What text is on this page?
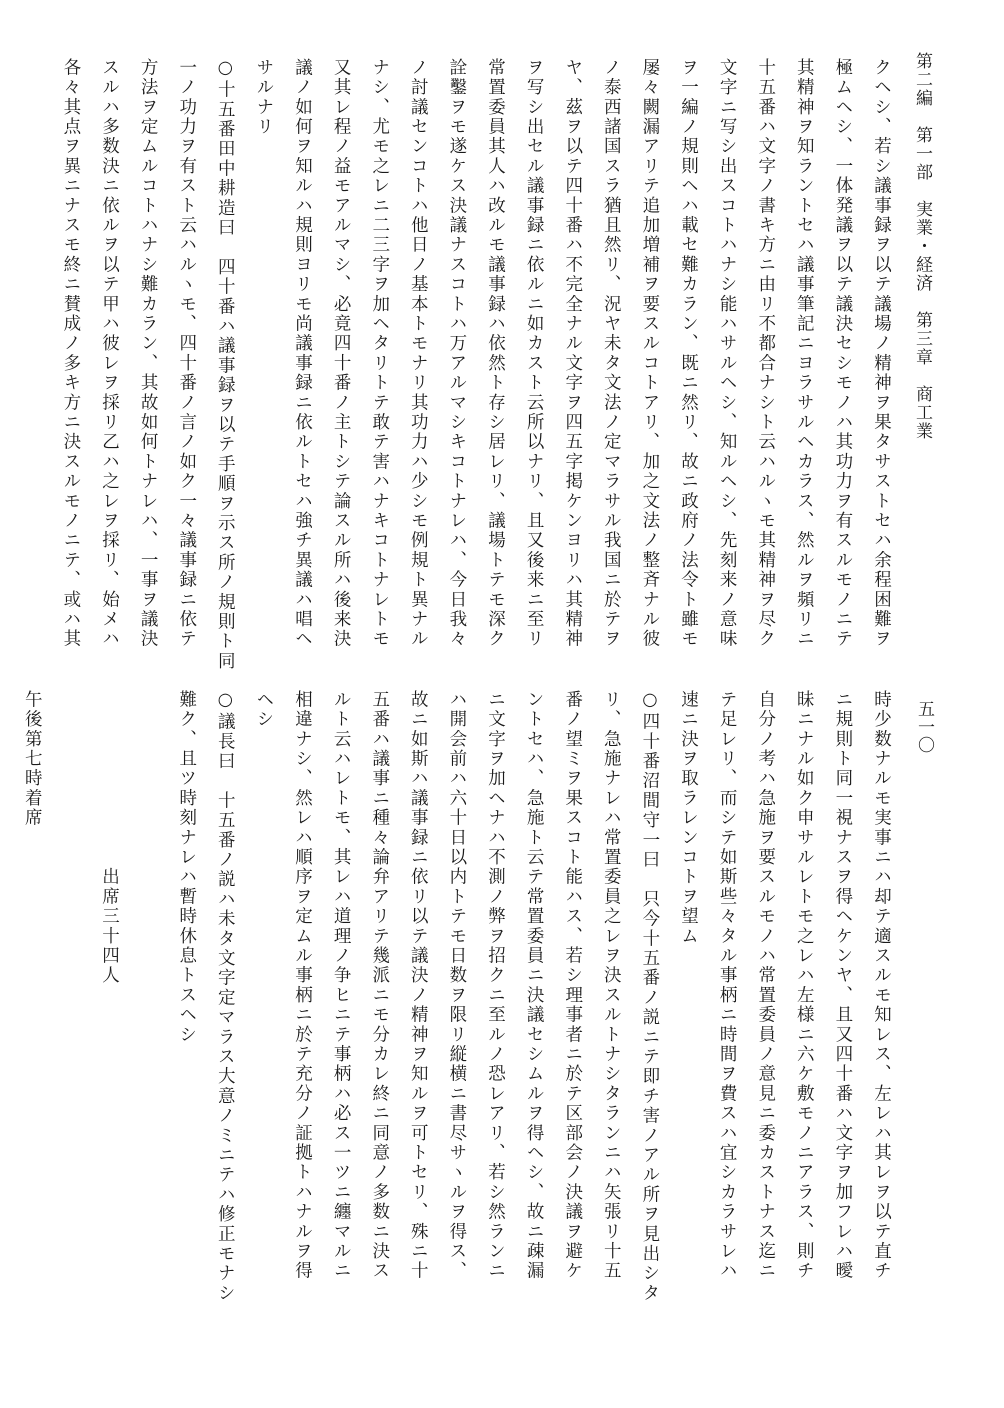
第二編　第一部　実業・経済　第三章　商工業
五一〇
クヘシ、若シ議事録ヲ以テ議場ノ精神ヲ果タサストセハ余程困難ヲ
極ムヘシ、一体発議ヲ以テ議決セシモノハ其功力ヲ有スルモノニテ
其精神ヲ知ラントセハ議事筆記ニヨラサルヘカラス、然ルヲ頻リニ
十五番ハ文字ノ書キ方ニ由リ不都合ナシト云ハルヽモ其精神ヲ尽ク
文字ニ写シ出スコトハナシ能ハサルヘシ、知ルヘシ、先刻来ノ意味
ヲ一編ノ規則ヘハ載セ難カラン、既ニ然リ、故ニ政府ノ法令ト雖モ
屡々闕漏アリテ追加増補ヲ要スルコトアリ、加之文法ノ整斉ナル彼
ノ泰西諸国スラ猶且然リ、況ヤ未タ文法ノ定マラサル我国ニ於テヲ
ヤ、茲ヲ以テ四十番ハ不完全ナル文字ヲ四五字掲ケンヨリハ其精神
ヲ写シ出セル議事録ニ依ルニ如カスト云所以ナリ、且又後来ニ至リ
常置委員其人ハ改ルモ議事録ハ依然ト存シ居レリ、議場トテモ深ク
詮鑿ヲモ遂ケス決議ナスコトハ万アルマシキコトナレハ、今日我々
ノ討議センコトハ他日ノ基本トモナリ其功力ハ少シモ例規ト異ナル
ナシ、尤モ之レニ二三字ヲ加ヘタリトテ敢テ害ハナキコトナレトモ
又其レ程ノ益モアルマシ、必竟四十番ノ主トシテ論スル所ハ後来決
議ノ如何ヲ知ルハ規則ヨリモ尚議事録ニ依ルトセハ強チ異議ハ唱ヘ
サルナリ
○十五番田中耕造曰　四十番ハ議事録ヲ以テ手順ヲ示ス所ノ規則ト同
一ノ功力ヲ有スト云ハルヽモ、四十番ノ言ノ如ク一々議事録ニ依テ
方法ヲ定ムルコトハナシ難カラン、其故如何トナレハ、一事ヲ議決
スルハ多数決ニ依ルヲ以テ甲ハ彼レヲ採リ乙ハ之レヲ採リ、始メハ
各々其点ヲ異ニナスモ終ニ賛成ノ多キ方ニ決スルモノニテ、或ハ其
時少数ナルモ実事ニハ却テ適スルモ知レス、左レハ其レヲ以テ直チ
ニ規則ト同一視ナスヲ得ヘケンヤ、且又四十番ハ文字ヲ加フレハ曖
昧ニナル如ク申サルレトモ之レハ左様ニ六ケ敷モノニアラス、則チ
自分ノ考ハ急施ヲ要スルモノハ常置委員ノ意見ニ委カストナス迄ニ
テ足レリ、而シテ如斯些々タル事柄ニ時間ヲ費スハ宜シカラサレハ
速ニ決ヲ取ラレンコトヲ望ム
○四十番沼間守一曰　只今十五番ノ説ニテ即チ害ノアル所ヲ見出シタ
リ、急施ナレハ常置委員之レヲ決スルトナシタランニハ矢張リ十五
番ノ望ミヲ果スコト能ハス、若シ理事者ニ於テ区部会ノ決議ヲ避ケ
ントセハ、急施ト云テ常置委員ニ決議セシムルヲ得ヘシ、故ニ疎漏
ニ文字ヲ加ヘナハ不測ノ弊ヲ招クニ至ルノ恐レアリ、若シ然ランニ
ハ開会前ハ六十日以内トテモ日数ヲ限リ縦横ニ書尽サヽルヲ得ス、
故ニ如斯ハ議事録ニ依リ以テ議決ノ精神ヲ知ルヲ可トセリ、殊ニ十
五番ハ議事ニ種々論弁アリテ幾派ニモ分カレ終ニ同意ノ多数ニ決ス
ルト云ハレトモ、其レハ道理ノ争ヒニテ事柄ハ必ス一ツニ纏マルニ
相違ナシ、然レハ順序ヲ定ムル事柄ニ於テ充分ノ証拠トハナルヲ得
ヘシ
○議長曰　十五番ノ説ハ未タ文字定マラス大意ノミニテハ修正モナシ
難ク、且ツ時刻ナレハ暫時休息トスヘシ
　　　　　　　　　出席三十四人
午後第七時着席
